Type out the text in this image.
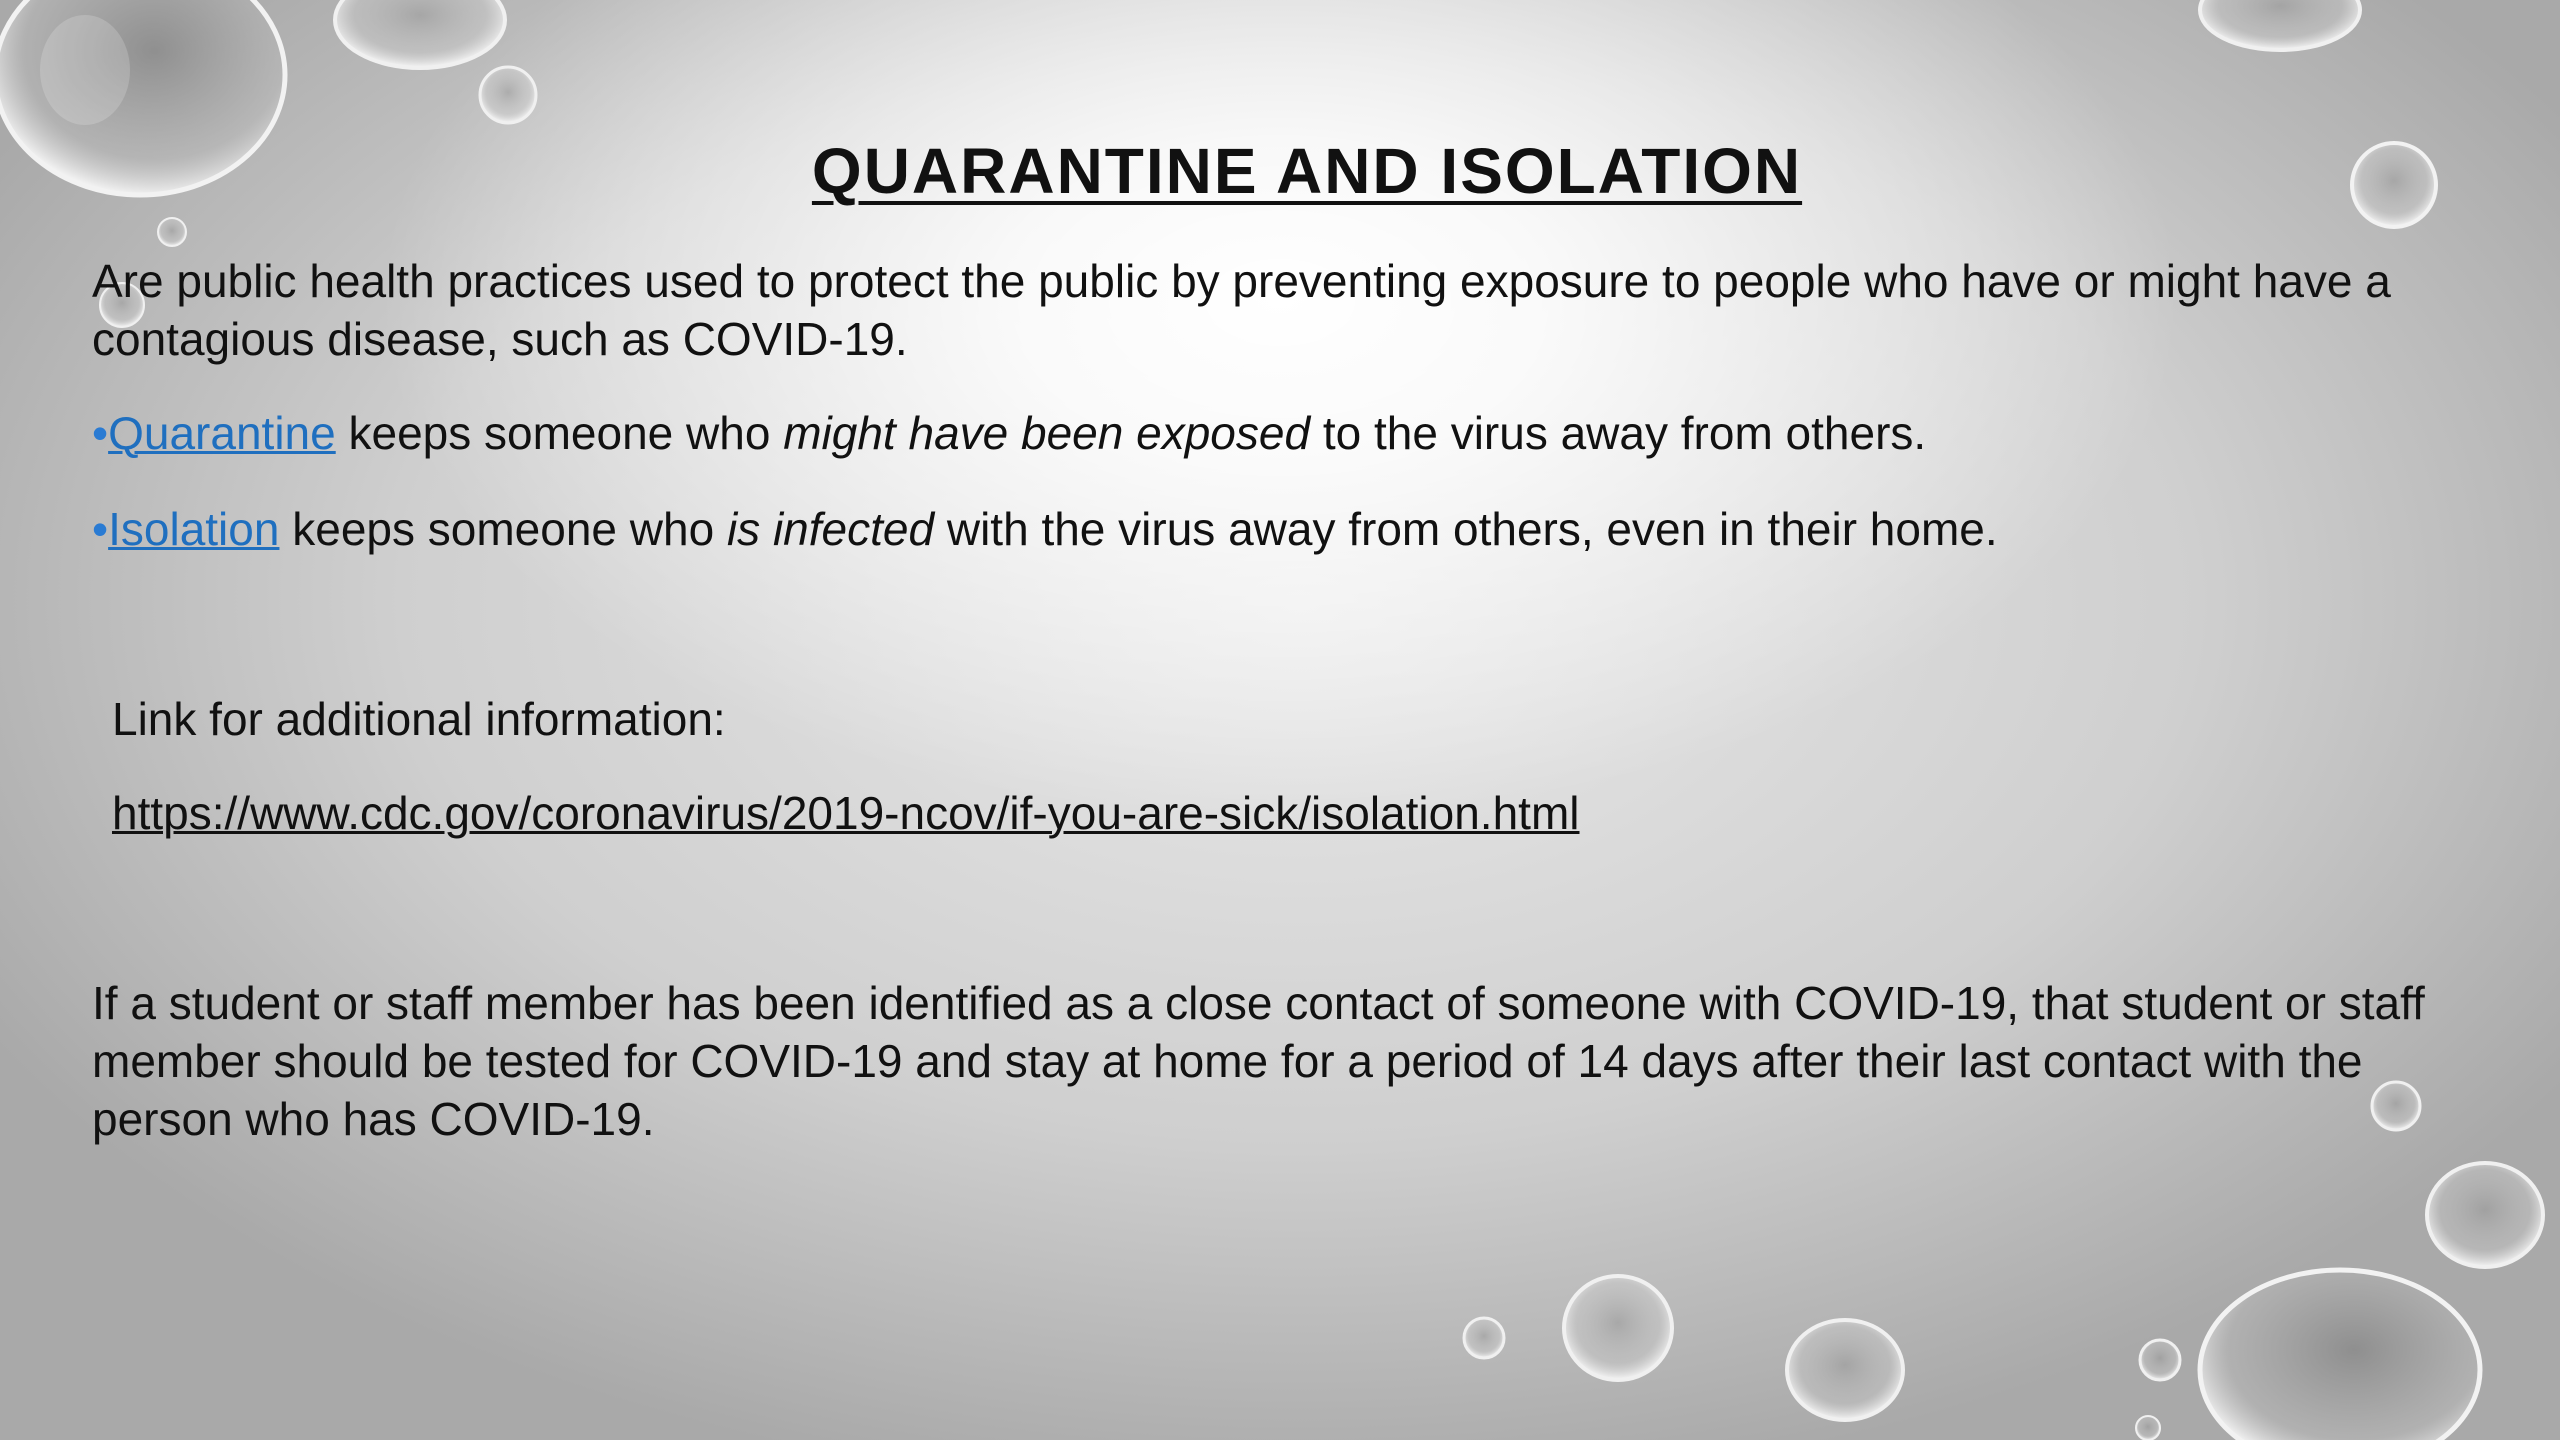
QUARANTINE AND ISOLATION

Are public health practices used to protect the public by preventing exposure to people who have or might have a contagious disease, such as COVID-19.

•Quarantine keeps someone who might have been exposed to the virus away from others.

•Isolation keeps someone who is infected with the virus away from others, even in their home.

Link for additional information:

https://www.cdc.gov/coronavirus/2019-ncov/if-you-are-sick/isolation.html

If a student or staff member has been identified as a close contact of someone with COVID-19, that student or staff member should be tested for COVID-19 and stay at home for a period of 14 days after their last contact with the person who has COVID-19.
